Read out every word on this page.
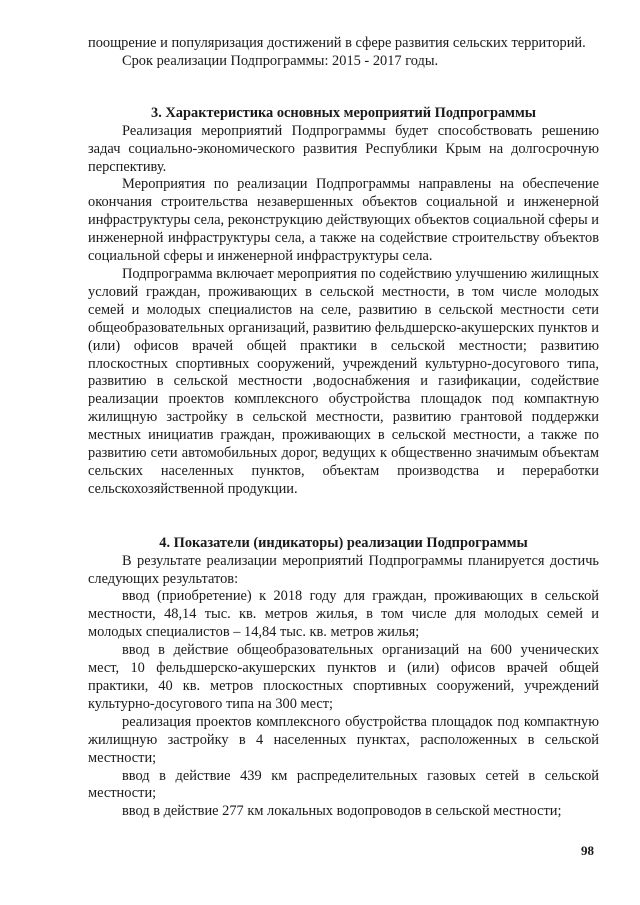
поощрение и популяризация достижений в сфере развития сельских территорий.

Срок реализации Подпрограммы: 2015 - 2017 годы.

3. Характеристика основных мероприятий Подпрограммы

Реализация мероприятий Подпрограммы будет способствовать решению задач социально-экономического развития Республики Крым на долгосрочную перспективу.

Мероприятия по реализации Подпрограммы направлены на обеспечение окончания строительства незавершенных объектов социальной и инженерной инфраструктуры села, реконструкцию действующих объектов социальной сферы и инженерной инфраструктуры села, а также на содействие строительству объектов социальной сферы и инженерной инфраструктуры села.

Подпрограмма включает мероприятия по содействию улучшению жилищных условий граждан, проживающих в сельской местности, в том числе молодых семей и молодых специалистов на селе, развитию в сельской местности сети общеобразовательных организаций, развитию фельдшерско-акушерских пунктов и (или) офисов врачей общей практики в сельской местности; развитию плоскостных спортивных сооружений, учреждений культурно-досугового типа, развитию в сельской местности ,водоснабжения и газификации, содействие реализации проектов комплексного обустройства площадок под компактную жилищную застройку в сельской местности, развитию грантовой поддержки местных инициатив граждан, проживающих в сельской местности, а также по развитию сети автомобильных дорог, ведущих к общественно значимым объектам сельских населенных пунктов, объектам производства и переработки сельскохозяйственной продукции.

4. Показатели (индикаторы) реализации Подпрограммы

В результате реализации мероприятий Подпрограммы планируется достичь следующих результатов:

ввод (приобретение) к 2018 году для граждан, проживающих в сельской местности, 48,14 тыс. кв. метров жилья, в том числе для молодых семей и молодых специалистов – 14,84 тыс. кв. метров жилья;

ввод в действие общеобразовательных организаций на 600 ученических мест, 10 фельдшерско-акушерских пунктов и (или) офисов врачей общей практики, 40 кв. метров плоскостных спортивных сооружений, учреждений культурно-досугового типа на 300 мест;

реализация проектов комплексного обустройства площадок под компактную жилищную застройку в 4 населенных пунктах, расположенных в сельской местности;

ввод в действие 439 км распределительных газовых сетей в сельской местности;

ввод в действие 277 км локальных водопроводов в сельской местности;

98
